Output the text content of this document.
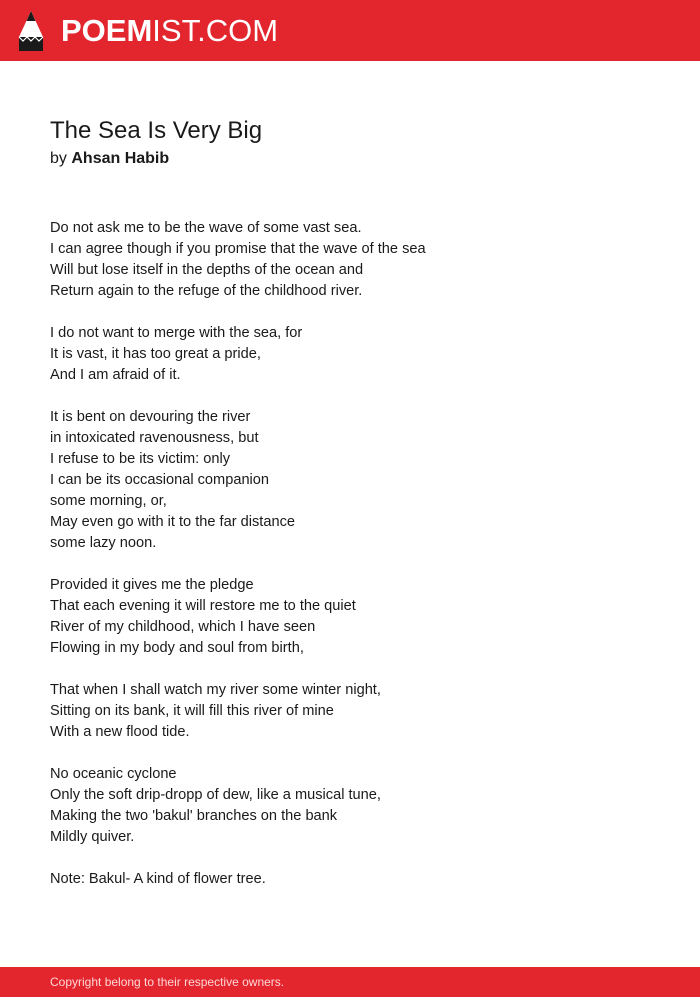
POEMIST.COM
The Sea Is Very Big
by Ahsan Habib
Do not ask me to be the wave of some vast sea.
I can agree though if you promise that the wave of the sea
Will but lose itself in the depths of the ocean and
Return again to the refuge of the childhood river.
I do not want to merge with the sea, for
It is vast, it has too great a pride,
And I am afraid of it.
It is bent on devouring the river
in intoxicated ravenousness, but
I refuse to be its victim: only
I can be its occasional companion
some morning, or,
May even go with it to the far distance
some lazy noon.
Provided it gives me the pledge
That each evening it will restore me to the quiet
River of my childhood, which I have seen
Flowing in my body and soul from birth,
That when I shall watch my river some winter night,
Sitting on its bank, it will fill this river of mine
With a new flood tide.
No oceanic cyclone
Only the soft drip-dropp of dew, like a musical tune,
Making the two 'bakul' branches on the bank
Mildly quiver.

Note: Bakul- A kind of flower tree.

Copyright belong to their respective owners.
